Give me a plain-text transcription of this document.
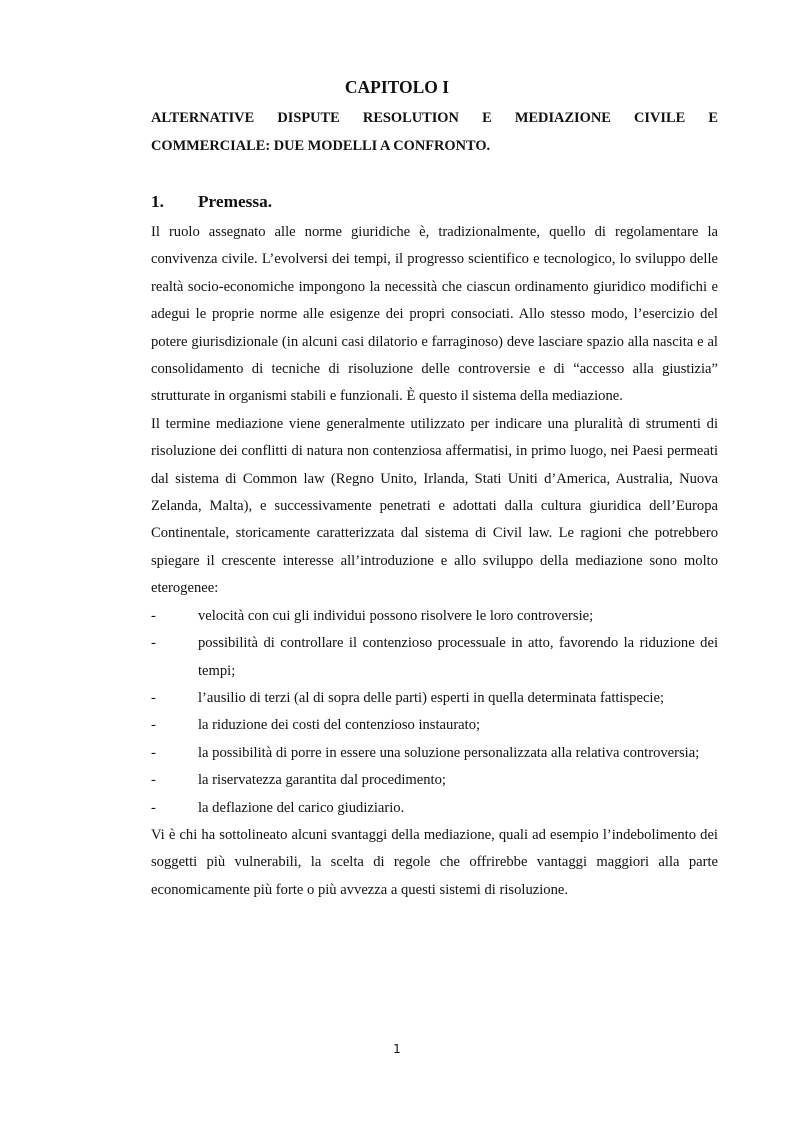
CAPITOLO I
ALTERNATIVE DISPUTE RESOLUTION E MEDIAZIONE CIVILE E COMMERCIALE: DUE MODELLI A CONFRONTO.
1. Premessa.

Il ruolo assegnato alle norme giuridiche è, tradizionalmente, quello di regolamentare la convivenza civile. L’evolversi dei tempi, il progresso scientifico e tecnologico, lo sviluppo delle realtà socio-economiche impongono la necessità che ciascun ordinamento giuridico modifichi e adegui le proprie norme alle esigenze dei propri consociati. Allo stesso modo, l’esercizio del potere giurisdizionale (in alcuni casi dilatorio e farraginoso) deve lasciare spazio alla nascita e al consolidamento di tecniche di risoluzione delle controversie e di “accesso alla giustizia” strutturate in organismi stabili e funzionali. È questo il sistema della mediazione.

Il termine mediazione viene generalmente utilizzato per indicare una pluralità di strumenti di risoluzione dei conflitti di natura non contenziosa affermatisi, in primo luogo, nei Paesi permeati dal sistema di Common law (Regno Unito, Irlanda, Stati Uniti d’America, Australia, Nuova Zelanda, Malta), e successivamente penetrati e adottati dalla cultura giuridica dell’Europa Continentale, storicamente caratterizzata dal sistema di Civil law. Le ragioni che potrebbero spiegare il crescente interesse all’introduzione e allo sviluppo della mediazione sono molto eterogenee:

-	velocità con cui gli individui possono risolvere le loro controversie;
-	possibilità di controllare il contenzioso processuale in atto, favorendo la riduzione dei tempi;
-	l’ausilio di terzi (al di sopra delle parti) esperti in quella determinata fattispecie;
-	la riduzione dei costi del contenzioso instaurato;
-	la possibilità di porre in essere una soluzione personalizzata alla relativa controversia;
-	la riservatezza garantita dal procedimento;
-	la deflazione del carico giudiziario.

Vi è chi ha sottolineato alcuni svantaggi della mediazione, quali ad esempio l’indebolimento dei soggetti più vulnerabili, la scelta di regole che offrirebbe vantaggi maggiori alla parte economicamente più forte o più avvezza a questi sistemi di risoluzione.

1
